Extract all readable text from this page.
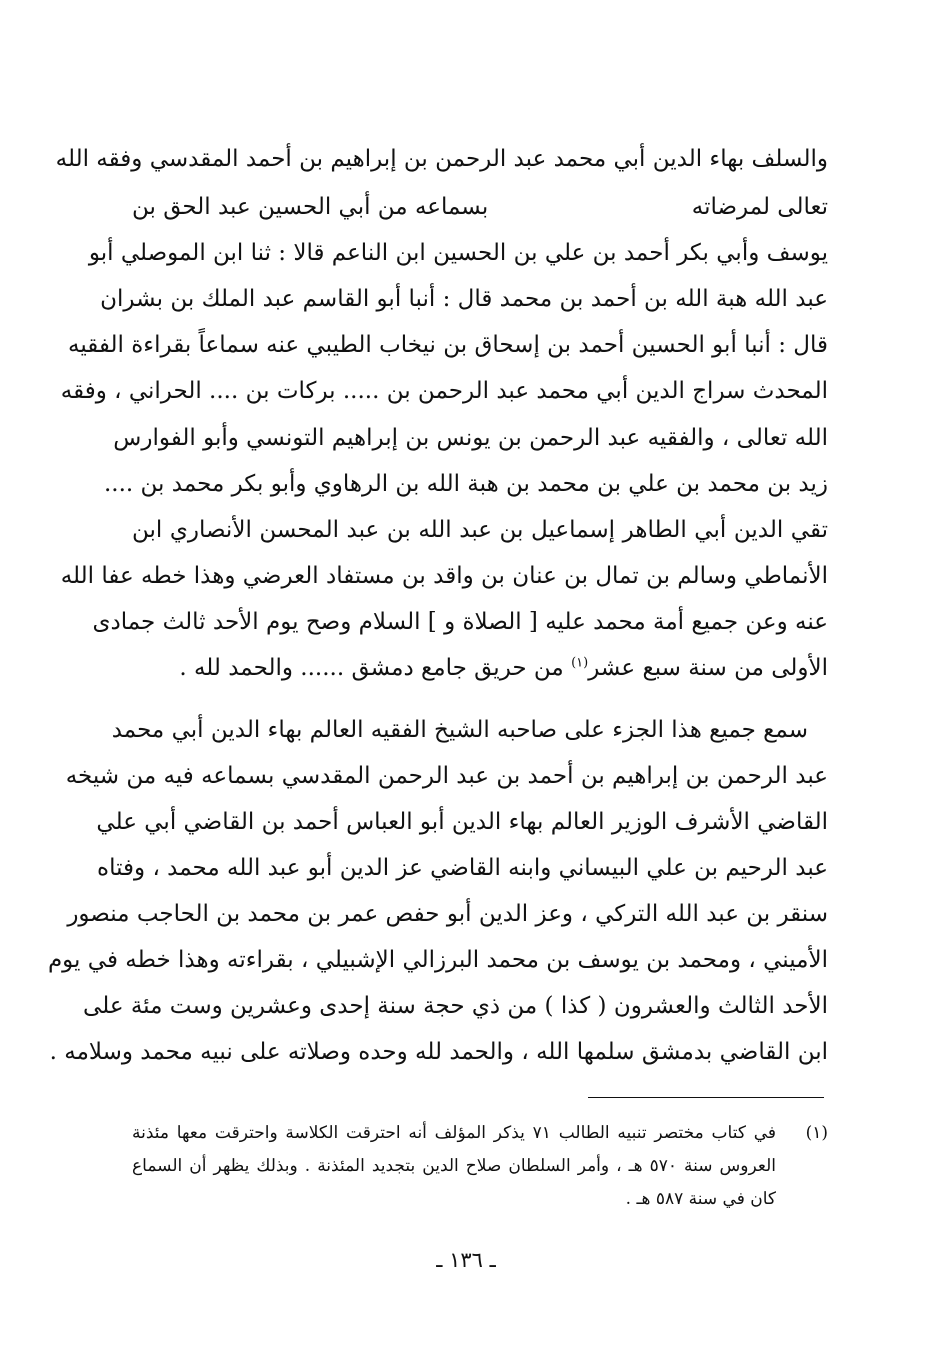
والسلف بهاء الدين أبي محمد عبد الرحمن بن إبراهيم بن أحمد المقدسي وفقه الله
تعالى لمرضاته
بسماعه من أبي الحسين عبد الحق بن
يوسف وأبي بكر أحمد بن علي بن الحسين ابن الناعم قالا : ثنا ابن الموصلي أبو
عبد الله هبة الله بن أحمد بن محمد قال : أنبا أبو القاسم عبد الملك بن بشران
قال : أنبا أبو الحسين أحمد بن إسحاق بن نيخاب الطيبي عنه سماعاً بقراءة الفقيه
المحدث سراج الدين أبي محمد عبد الرحمن بن ..... بركات بن .... الحراني ، وفقه
الله تعالى ، والفقيه عبد الرحمن بن يونس بن إبراهيم التونسي وأبو الفوارس
زيد بن محمد بن علي بن محمد بن هبة الله بن الرهاوي وأبو بكر محمد بن ....
تقي الدين أبي الطاهر إسماعيل بن عبد الله بن عبد المحسن الأنصاري ابن
الأنماطي وسالم بن تمال بن عنان بن واقد بن مستفاد العرضي وهذا خطه عفا الله
عنه وعن جميع أمة محمد عليه [ الصلاة و ] السلام وصح يوم الأحد ثالث جمادى
الأولى من سنة سبع عشر$^{(١)}$ من حريق جامع دمشق ...... والحمد لله .
سمع جميع هذا الجزء على صاحبه الشيخ الفقيه العالم بهاء الدين أبي محمد
عبد الرحمن بن إبراهيم بن أحمد بن عبد الرحمن المقدسي بسماعه فيه من شيخه
القاضي الأشرف الوزير العالم بهاء الدين أبو العباس أحمد بن القاضي أبي علي
عبد الرحيم بن علي البيساني وابنه القاضي عز الدين أبو عبد الله محمد ، وفتاه
سنقر بن عبد الله التركي ، وعز الدين أبو حفص عمر بن محمد بن الحاجب منصور
الأميني ، ومحمد بن يوسف بن محمد البرزالي الإشبيلي ، بقراءته وهذا خطه في يوم
الأحد الثالث والعشرون ( كذا ) من ذي حجة سنة إحدى وعشرين وست مئة على
ابن القاضي بدمشق سلمها الله ، والحمد لله وحده وصلاته على نبيه محمد وسلامه .
(١)
في كتاب مختصر تنبيه الطالب ٧١ يذكر المؤلف أنه احترقت الكلاسة واحترقت معها مئذنة
العروس سنة ٥٧٠ هـ ، وأمر السلطان صلاح الدين بتجديد المئذنة . وبذلك يظهر أن السماع
كان في سنة ٥٨٧ هـ .
ـ ١٣٦ ـ
